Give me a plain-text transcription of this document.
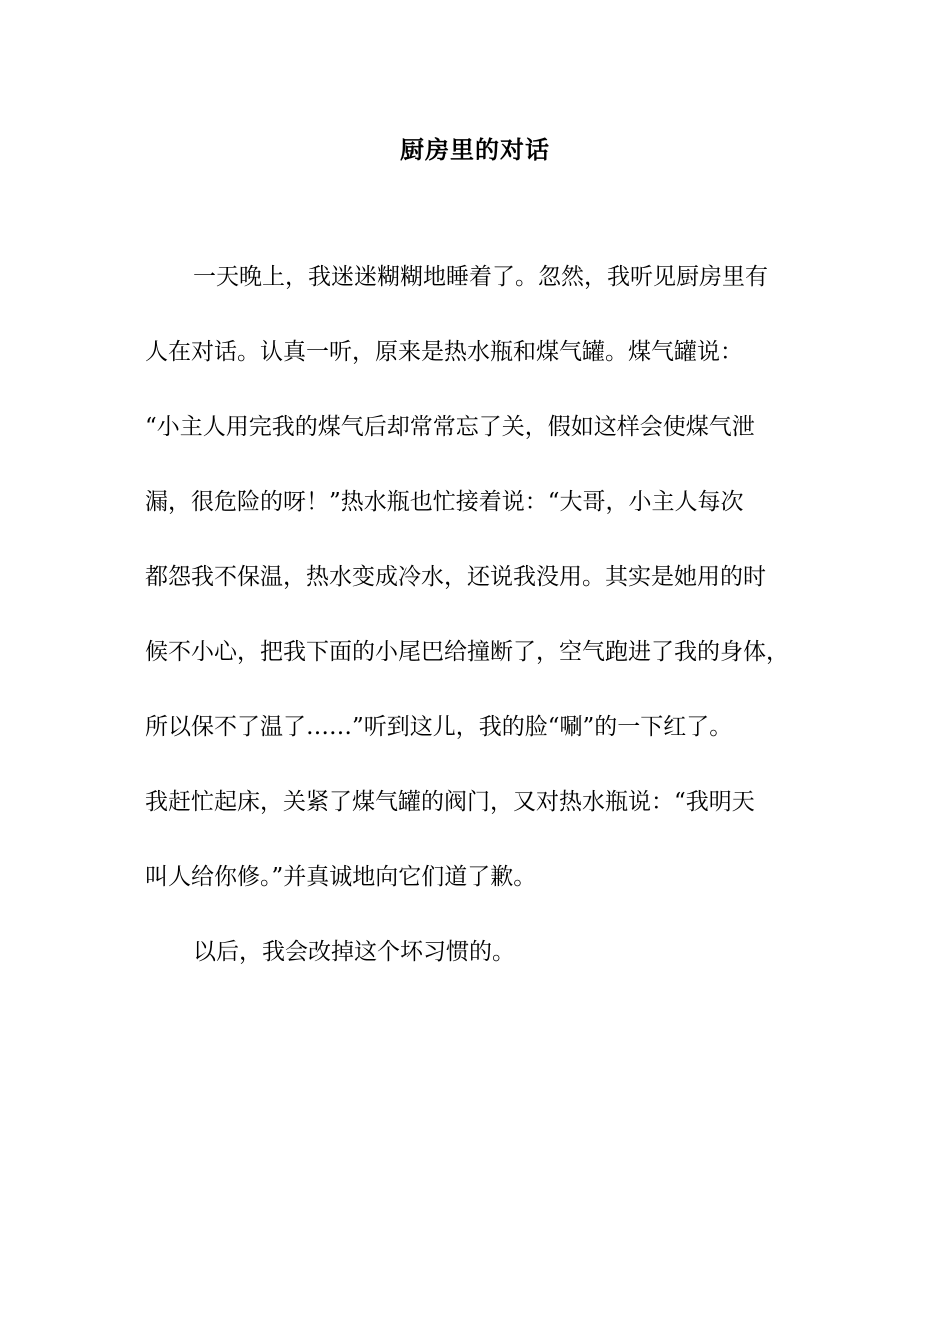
厨房里的对话
一天晚上，我迷迷糊糊地睡着了。忽然，我听见厨房里有
人在对话。认真一听，原来是热水瓶和煤气罐。煤气罐说：
“小主人用完我的煤气后却常常忘了关，假如这样会使煤气泄
漏，很危险的呀！”热水瓶也忙接着说：“大哥，小主人每次
都怨我不保温，热水变成冷水，还说我没用。其实是她用的时
候不小心，把我下面的小尾巴给撞断了，空气跑进了我的身体，
所以保不了温了……”听到这儿，我的脸“唰”的一下红了。
我赶忙起床，关紧了煤气罐的阀门，又对热水瓶说：“我明天
叫人给你修。”并真诚地向它们道了歉。
以后，我会改掉这个坏习惯的。
